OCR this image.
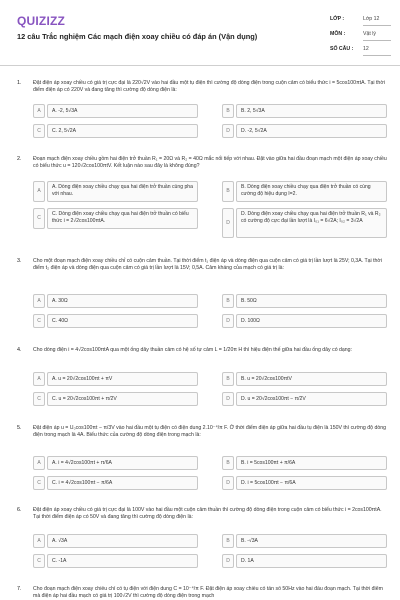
QUIZIZZ
12 câu Trắc nghiệm Các mạch điện xoay chiều có đáp án (Vận dụng)
LỚP :	Lớp 12
MÔN :	Vật lý
SỐ CÂU : 12
1. Đặt điện áp xoay chiều có giá trị cực đại là 220√2V vào hai đầu một tụ điện thì cường độ dòng điện trong cuộn cảm có biểu thức i = 5cos100πtA. Tại thời điểm điện áp có 220V và đang tăng thì cường độ dòng điện là:
A	A. -2, 5√3A	B	B. 2, 5√3A
C	C. 2, 5√2A	D	D. -2, 5√2A
2. Đoạn mạch điện xoay chiều gồm hai điện trở thuần R₁ = 20Ω và R₂ = 40Ω mắc nối tiếp với nhau. Đặt vào giữa hai đầu đoạn mạch một điện áp xoay chiều có biểu thức u = 120√2cos100πtV. Kết luận nào sau đây là không đúng?
A
A. Dòng điện xoay chiều chạy qua hai điện trở thuần cùng pha với nhau.	B
B. Dòng điện xoay chiều chạy qua điện trở thuần có cùng cường độ hiệu dụng I=2.
C
C. Dòng điện xoay chiều chạy qua hai điện trở thuần có biểu thức i = 2√2cos100πtA.	D
D. Dòng điện xoay chiều chạy qua hai điện trở thuần R₁ và R₂ có cường độ cực đại lần lượt là I₀₁ = 6√2A; I₀₂ = 3√2A
3. Cho một đoạn mạch điện xoay chiều chỉ có cuộn cảm thuần. Tại thời điểm t₁ điện áp và dòng điện qua cuộn cảm có giá trị lần lượt là 25V; 0,3A. Tại thời điểm t₂ điện áp và dòng điện qua cuộn cảm có giá trị lần lượt là 15V; 0,5A. Cảm kháng của mạch có giá trị là:
A	A. 30Ω	B	B. 50Ω
C	C. 40Ω	D	D. 100Ω
4. Cho dòng điện i = 4√2cos100πtA qua một ống dây thuần cảm có hệ số tự cảm L = 1/20π H thì hiệu điện thế giữa hai đầu ống dây có dạng:
A	A. u = 20√2cos100πt + πV	B	B. u = 20√2cos100πtV
C	C. u = 20√2cos100πt + π/2V	D	D. u = 20√2cos100πt − π/2V
5. Đặt điện áp u = U₀cos100πt − π/3V vào hai đầu một tụ điện có điện dung 2.10⁻⁴/π F. Ở thời điểm điện áp giữa hai đầu tụ điện là 150V thì cường độ dòng điện trong mạch là 4A. Biểu thức của cường độ dòng điện trong mạch là:
A	A. i = 4√2cos100πt + π/6A	B	B. i = 5cos100πt + π/6A
C	C. i = 4√2cos100πt − π/6A	D	D. i = 5cos100πt − π/6A
6. Đặt điện áp xoay chiều có giá trị cực đại là 100V vào hai đầu một cuộn cảm thuần thì cường độ dòng điện trong cuộn cảm có biểu thức i = 2cos100πtA. Tại thời điểm điện áp có 50V và đang tăng thì cường độ dòng điện là:
A	A. √3A	B	B. -√3A
C	C. -1A	D	D. 1A
7. Cho đoạn mạch điện xoay chiều chỉ có tụ điện với điện dung C = 10⁻⁴/π F. Đặt điện áp xoay chiều có tần số 50Hz vào hai đầu đoạn mạch. Tại thời điểm mà điện áp hai đầu mạch có giá trị 100√2V thì cường độ dòng điện trong mạch
